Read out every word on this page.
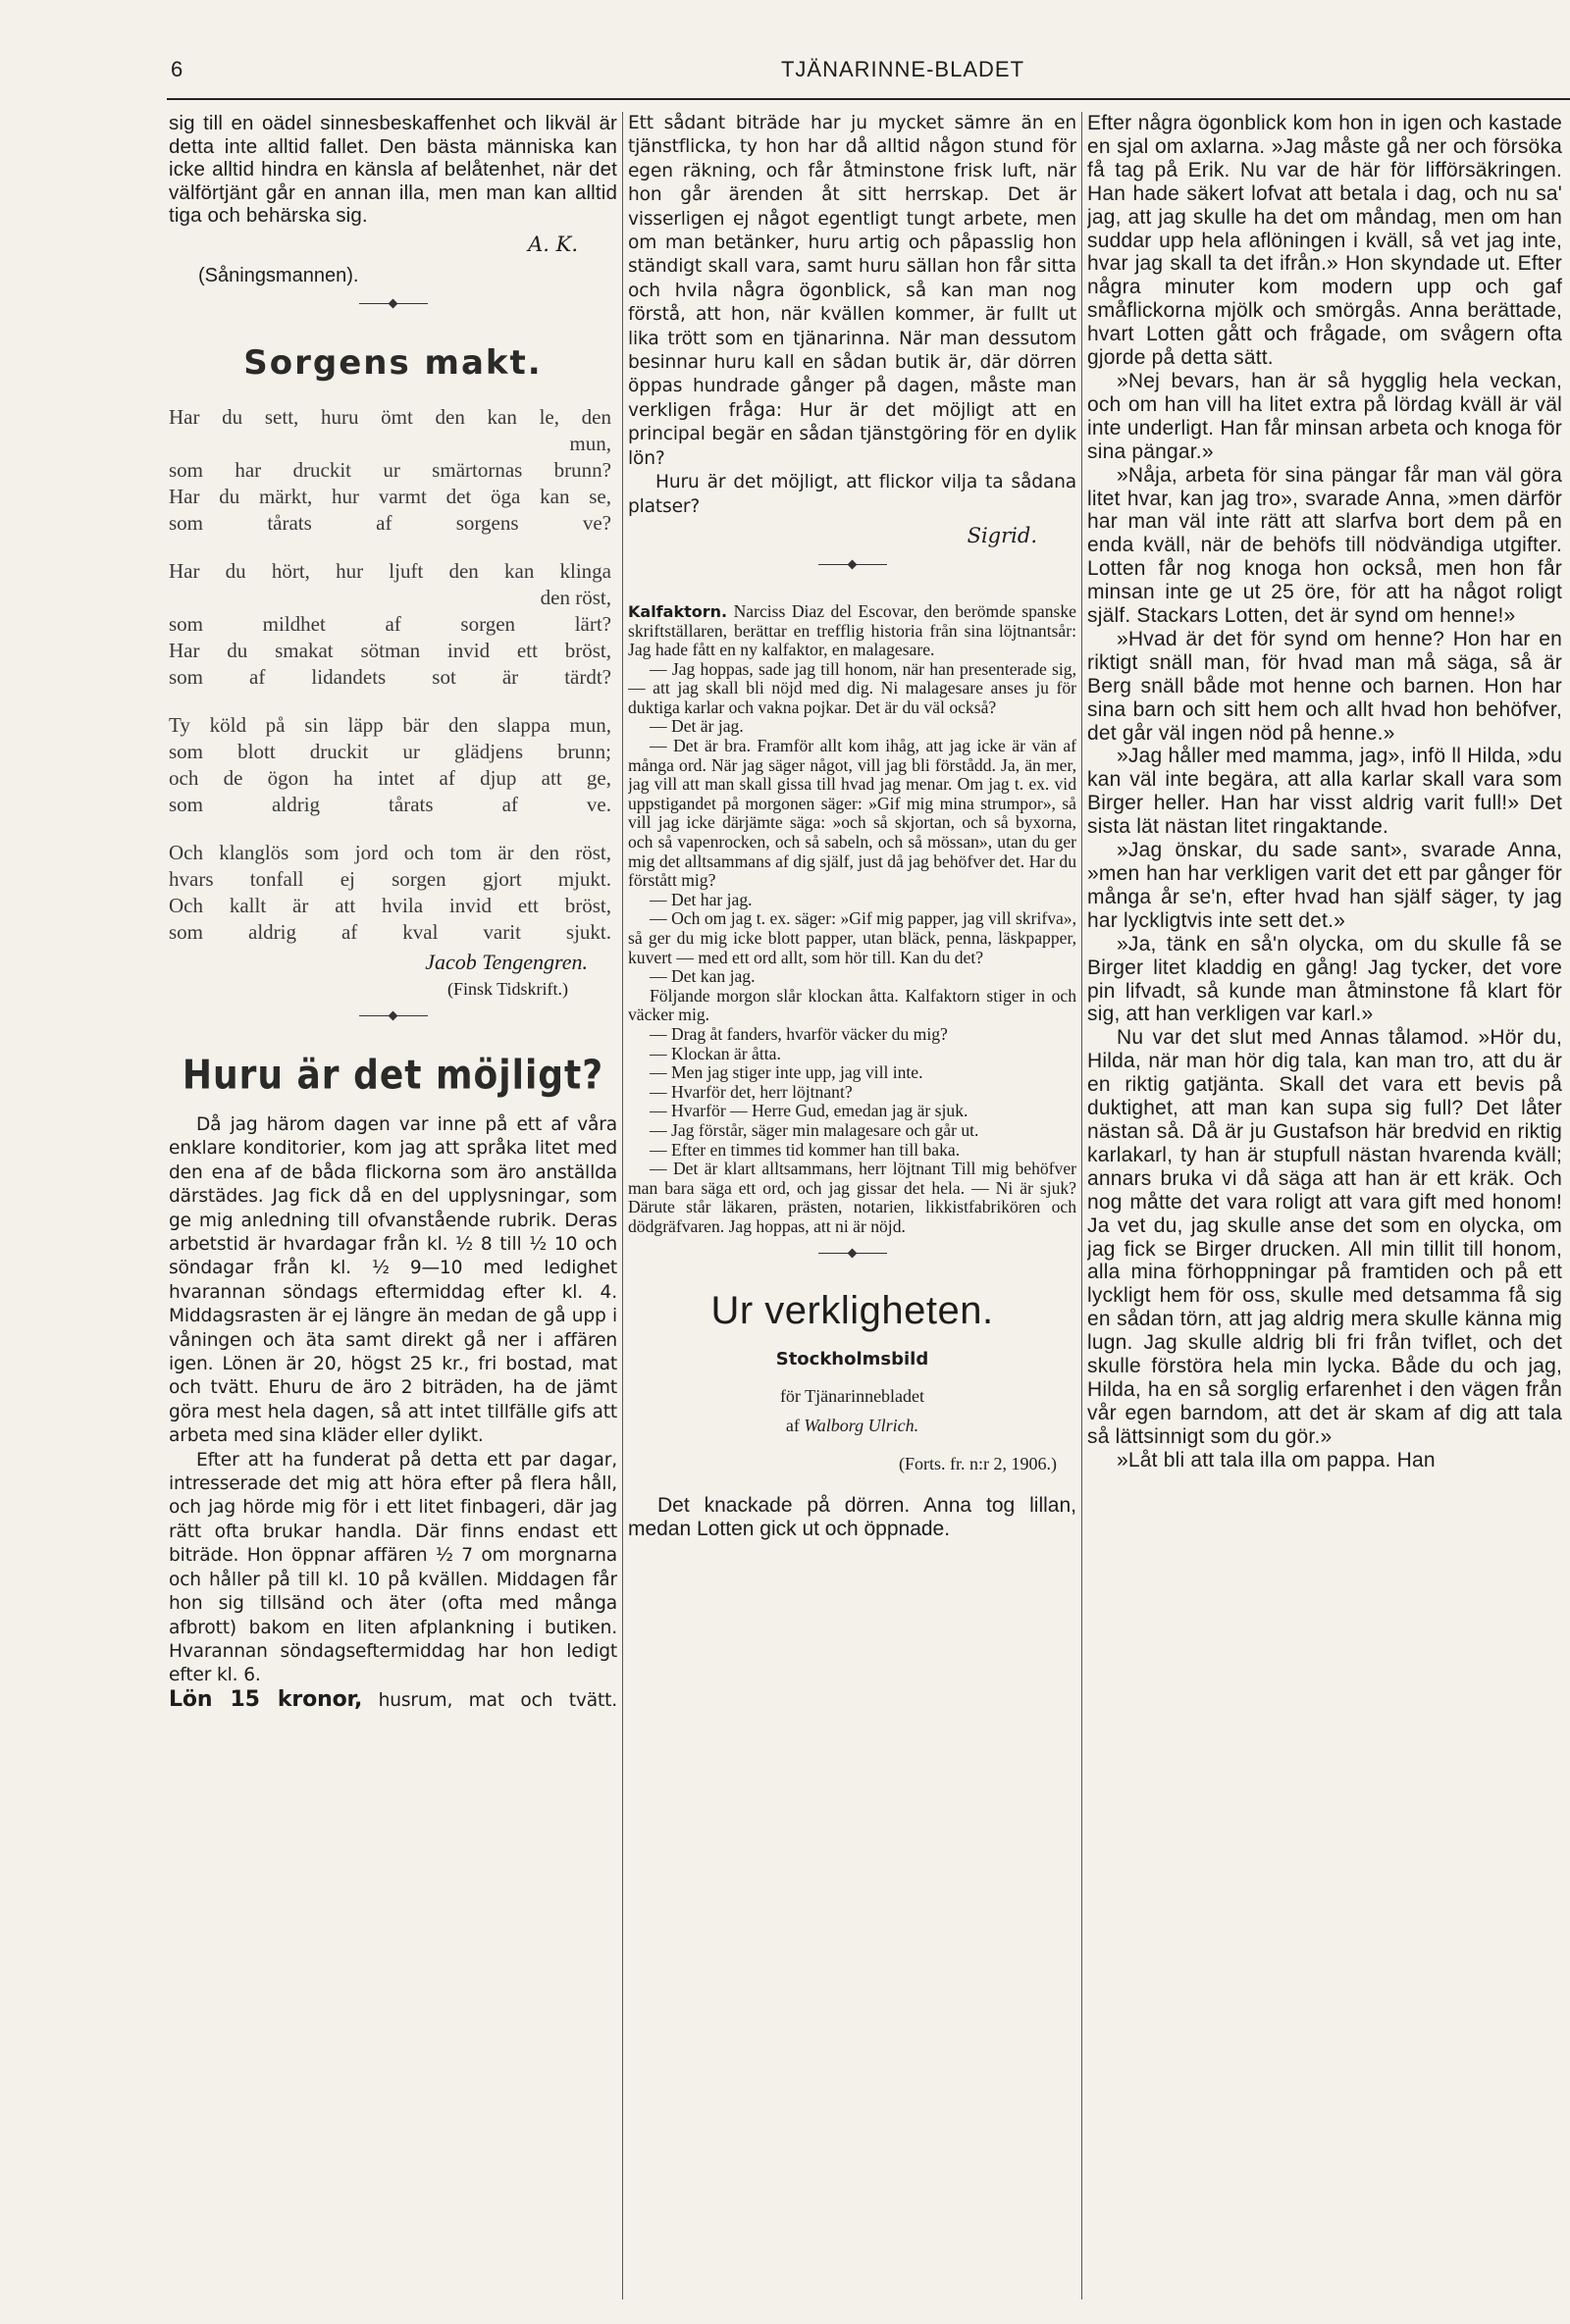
6	TJÄNARINNE-BLADET

sig till en oädel sinnesbeskaffenhet och likväl är detta inte alltid fallet. Den bästa människa kan icke alltid hindra en känsla af belåtenhet, när det välförtjänt går en annan illa, men man kan alltid tiga och behärska sig.

A. K.
(Såningsmannen).
Sorgens makt.
Har du sett, huru ömt den kan le, den
mun,
som har druckit ur smärtornas brunn?
Har du märkt, hur varmt det öga kan se,
som tårats af sorgens ve?
Har du hört, hur ljuft den kan klinga
den röst,
som mildhet af sorgen lärt?
Har du smakat sötman invid ett bröst,
som af lidandets sot är tärdt?
Ty köld på sin läpp bär den slappa mun,
som blott druckit ur glädjens brunn;
och de ögon ha intet af djup att ge,
som aldrig tårats af ve.
Och klanglös som jord och tom är den röst,
hvars tonfall ej sorgen gjort mjukt.
Och kallt är att hvila invid ett bröst,
som aldrig af kval varit sjukt.
Jacob Tengengren.
(Finsk Tidskrift.)
Huru är det möjligt?

Då jag härom dagen var inne på ett af våra enklare konditorier, kom jag att språka litet med den ena af de båda flickorna som äro anställda därstädes. Jag fick då en del upplysningar, som ge mig anledning till ofvanstående rubrik. Deras arbetstid är hvardagar från kl. ½ 8 till ½ 10 och söndagar från kl. ½ 9—10 med ledighet hvarannan söndags eftermiddag efter kl. 4. Middagsrasten är ej längre än medan de gå upp i våningen och äta samt direkt gå ner i affären igen. Lönen är 20, högst 25 kr., fri bostad, mat och tvätt. Ehuru de äro 2 biträden, ha de jämt göra mest hela dagen, så att intet tillfälle gifs att arbeta med sina kläder eller dylikt.

Efter att ha funderat på detta ett par dagar, intresserade det mig att höra efter på flera håll, och jag hörde mig för i ett litet finbageri, där jag rätt ofta brukar handla. Där finns endast ett biträde. Hon öppnar affären ½ 7 om morgnarna och håller på till kl. 10 på kvällen. Middagen får hon sig tillsänd och äter (ofta med många afbrott) bakom en liten afplankning i butiken. Hvarannan söndagseftermiddag har hon ledigt efter kl. 6.

Lön 15 kronor, husrum, mat och tvätt.

Ett sådant biträde har ju mycket sämre än en tjänstflicka, ty hon har då alltid någon stund för egen räkning, och får åtminstone frisk luft, när hon går ärenden åt sitt herrskap. Det är visserligen ej något egentligt tungt arbete, men om man betänker, huru artig och påpasslig hon ständigt skall vara, samt huru sällan hon får sitta och hvila några ögonblick, så kan man nog förstå, att hon, när kvällen kommer, är fullt ut lika trött som en tjänarinna. När man dessutom besinnar huru kall en sådan butik är, där dörren öppas hundrade gånger på dagen, måste man verkligen fråga: Hur är det möjligt att en principal begär en sådan tjänstgöring för en dylik lön?

Huru är det möjligt, att flickor vilja ta sådana platser?

Sigrid.

Kalfaktorn. Narciss Diaz del Escovar, den berömde spanske skriftställaren, berättar en trefflig historia från sina löjtnantsår: Jag hade fått en ny kalfaktor, en malagesare.

— Jag hoppas, sade jag till honom, när han presenterade sig, — att jag skall bli nöjd med dig. Ni malagesare anses ju för duktiga karlar och vakna pojkar. Det är du väl också?

— Det är jag.

— Det är bra. Framför allt kom ihåg, att jag icke är vän af många ord. När jag säger något, vill jag bli förstådd. Ja, än mer, jag vill att man skall gissa till hvad jag menar. Om jag t. ex. vid uppstigandet på morgonen säger: »Gif mig mina strumpor», så vill jag icke därjämte säga: »och så skjortan, och så byxorna, och så vapenrocken, och så sabeln, och så mössan», utan du ger mig det alltsammans af dig själf, just då jag behöfver det. Har du förstått mig?

— Det har jag.

— Och om jag t. ex. säger: »Gif mig papper, jag vill skrifva», så ger du mig icke blott papper, utan bläck, penna, läskpapper, kuvert — med ett ord allt, som hör till. Kan du det?

— Det kan jag.

Följande morgon slår klockan åtta. Kalfaktorn stiger in och väcker mig.

— Drag åt fanders, hvarför väcker du mig?

— Klockan är åtta.

— Men jag stiger inte upp, jag vill inte.

— Hvarför det, herr löjtnant?

— Hvarför — Herre Gud, emedan jag är sjuk.

— Jag förstår, säger min malagesare och går ut.

— Efter en timmes tid kommer han till baka.

— Det är klart alltsammans, herr löjtnant Till mig behöfver man bara säga ett ord, och jag gissar det hela. — Ni är sjuk? Därute står läkaren, prästen, notarien, likkistfabrikören och dödgräfvaren. Jag hoppas, att ni är nöjd.

Ur verkligheten.
Stockholmsbild
för Tjänarinnebladet
af Walborg Ulrich.
(Forts. fr. n:r 2, 1906.)

Det knackade på dörren. Anna tog lillan, medan Lotten gick ut och öppnade.

Efter några ögonblick kom hon in igen och kastade en sjal om axlarna. »Jag måste gå ner och försöka få tag på Erik. Nu var de här för lifförsäkringen. Han hade säkert lofvat att betala i dag, och nu sa' jag, att jag skulle ha det om måndag, men om han suddar upp hela aflöningen i kväll, så vet jag inte, hvar jag skall ta det ifrån.» Hon skyndade ut. Efter några minuter kom modern upp och gaf småflickorna mjölk och smörgås. Anna berättade, hvart Lotten gått och frågade, om svågern ofta gjorde på detta sätt.

»Nej bevars, han är så hygglig hela veckan, och om han vill ha litet extra på lördag kväll är väl inte underligt. Han får minsan arbeta och knoga för sina pängar.»

»Nåja, arbeta för sina pängar får man väl göra litet hvar, kan jag tro», svarade Anna, »men därför har man väl inte rätt att slarfva bort dem på en enda kväll, när de behöfs till nödvändiga utgifter. Lotten får nog knoga hon också, men hon får minsan inte ge ut 25 öre, för att ha något roligt själf. Stackars Lotten, det är synd om henne!»

»Hvad är det för synd om henne? Hon har en riktigt snäll man, för hvad man må säga, så är Berg snäll både mot henne och barnen. Hon har sina barn och sitt hem och allt hvad hon behöfver, det går väl ingen nöd på henne.»

»Jag håller med mamma, jag», infö ll Hilda, »du kan väl inte begära, att alla karlar skall vara som Birger heller. Han har visst aldrig varit full!» Det sista lät nästan litet ringaktande.

»Jag önskar, du sade sant», svarade Anna, »men han har verkligen varit det ett par gånger för många år se'n, efter hvad han själf säger, ty jag har lyckligtvis inte sett det.»

»Ja, tänk en så'n olycka, om du skulle få se Birger litet kladdig en gång! Jag tycker, det vore pin lifvadt, så kunde man åtminstone få klart för sig, att han verkligen var karl.»

Nu var det slut med Annas tålamod. »Hör du, Hilda, när man hör dig tala, kan man tro, att du är en riktig gatjänta. Skall det vara ett bevis på duktighet, att man kan supa sig full? Det låter nästan så. Då är ju Gustafson här bredvid en riktig karlakarl, ty han är stupfull nästan hvarenda kväll; annars bruka vi då säga att han är ett kräk. Och nog måtte det vara roligt att vara gift med honom! Ja vet du, jag skulle anse det som en olycka, om jag fick se Birger drucken. All min tillit till honom, alla mina förhoppningar på framtiden och på ett lyckligt hem för oss, skulle med detsamma få sig en sådan törn, att jag aldrig mera skulle känna mig lugn. Jag skulle aldrig bli fri från tviflet, och det skulle förstöra hela min lycka. Både du och jag, Hilda, ha en så sorglig erfarenhet i den vägen från vår egen barndom, att det är skam af dig att tala så lättsinnigt som du gör.»

»Låt bli att tala illa om pappa. Han
